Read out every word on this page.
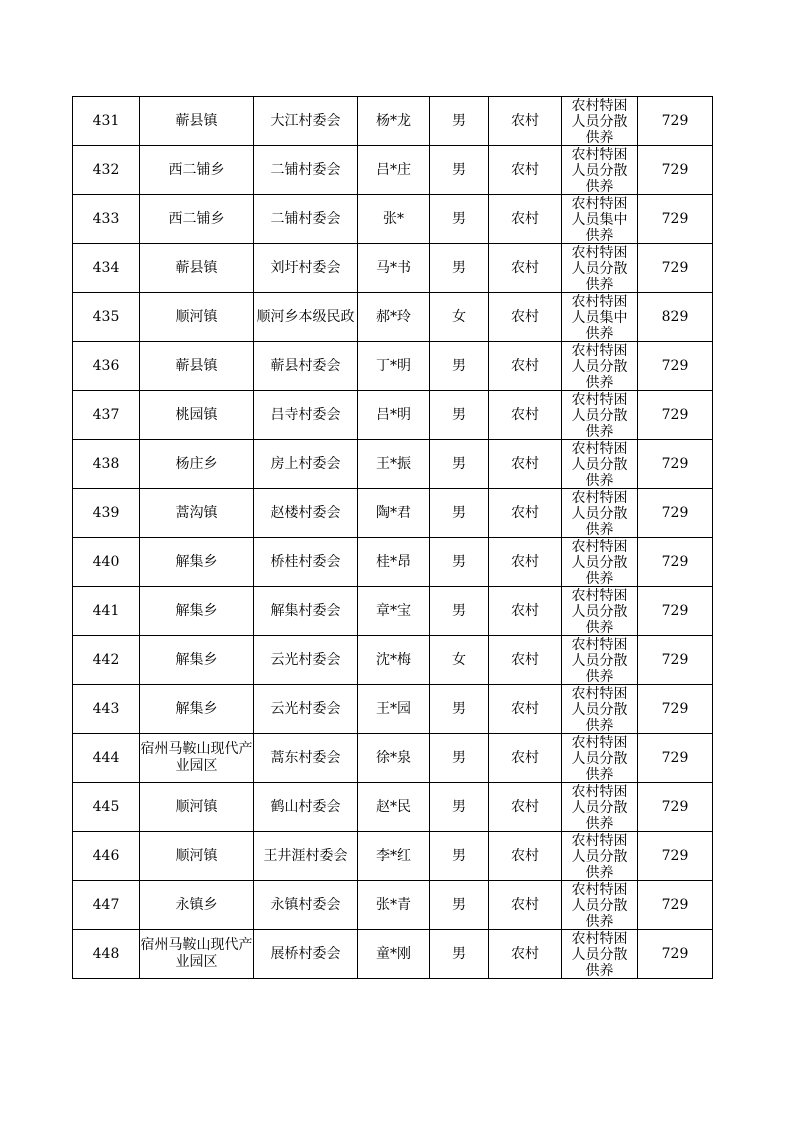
431	蕲县镇	大江村委会	杨*龙	男	农村	农村特困人员分散供养	729
432	西二铺乡	二铺村委会	吕*庄	男	农村	农村特困人员分散供养	729
433	西二铺乡	二铺村委会	张*	男	农村	农村特困人员集中供养	729
434	蕲县镇	刘圩村委会	马*书	男	农村	农村特困人员分散供养	729
435	顺河镇	顺河乡本级民政	郝*玲	女	农村	农村特困人员集中供养	829
436	蕲县镇	蕲县村委会	丁*明	男	农村	农村特困人员分散供养	729
437	桃园镇	吕寺村委会	吕*明	男	农村	农村特困人员分散供养	729
438	杨庄乡	房上村委会	王*振	男	农村	农村特困人员分散供养	729
439	蒿沟镇	赵楼村委会	陶*君	男	农村	农村特困人员分散供养	729
440	解集乡	桥桂村委会	桂*昂	男	农村	农村特困人员分散供养	729
441	解集乡	解集村委会	章*宝	男	农村	农村特困人员分散供养	729
442	解集乡	云光村委会	沈*梅	女	农村	农村特困人员分散供养	729
443	解集乡	云光村委会	王*园	男	农村	农村特困人员分散供养	729
444	宿州马鞍山现代产业园区	蒿东村委会	徐*泉	男	农村	农村特困人员分散供养	729
445	顺河镇	鹤山村委会	赵*民	男	农村	农村特困人员分散供养	729
446	顺河镇	王井涯村委会	李*红	男	农村	农村特困人员分散供养	729
447	永镇乡	永镇村委会	张*青	男	农村	农村特困人员分散供养	729
448	宿州马鞍山现代产业园区	展桥村委会	童*刚	男	农村	农村特困人员分散供养	729
